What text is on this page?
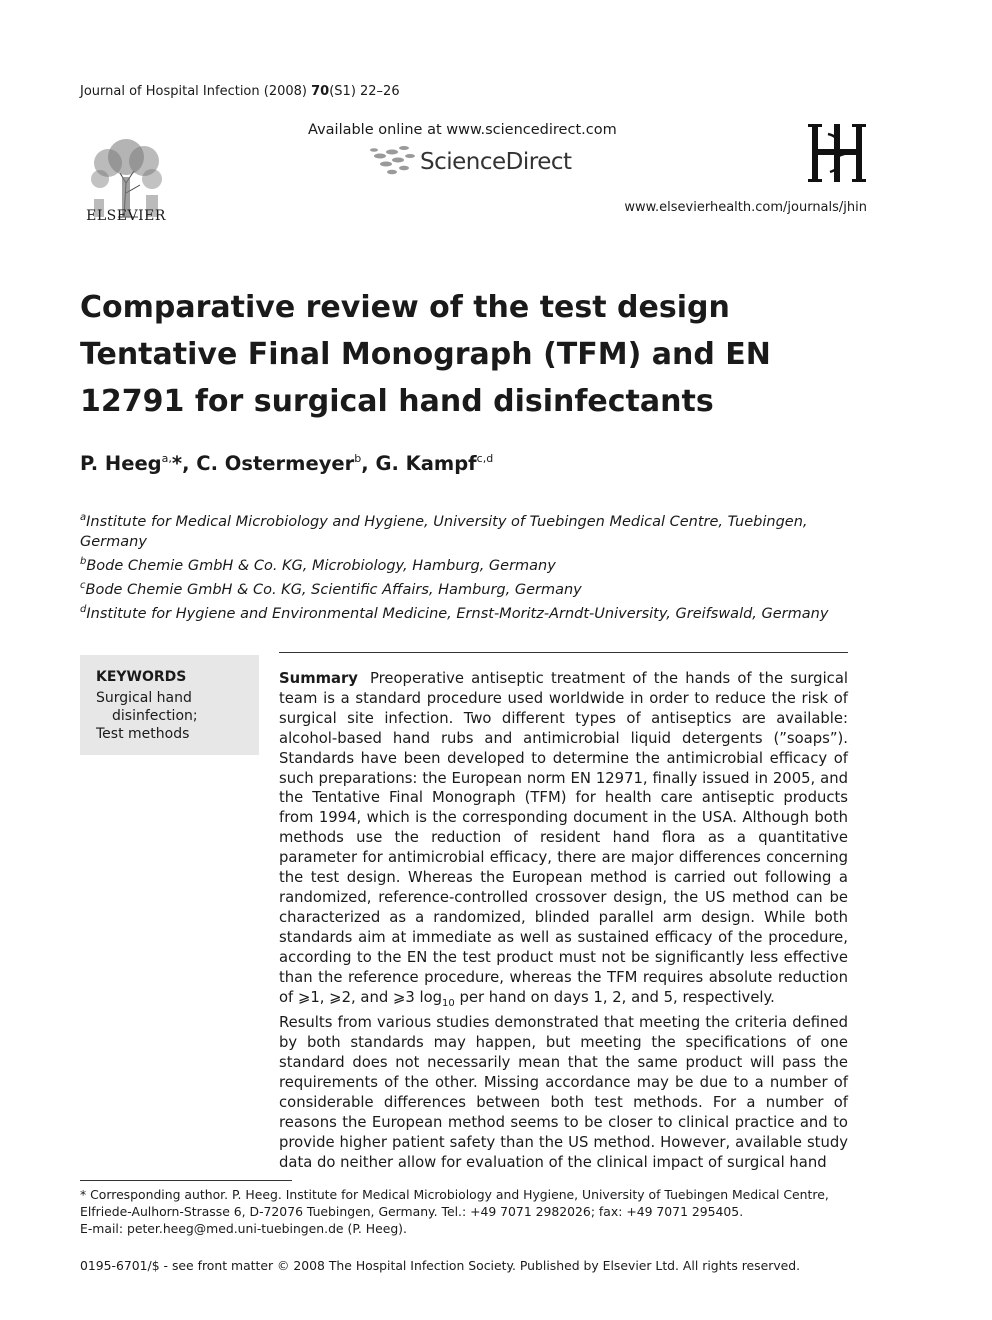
Journal of Hospital Infection (2008) 70(S1) 22–26
ELSEVIER
Available online at www.sciencedirect.com
ScienceDirect
www.elsevierhealth.com/journals/jhin
Comparative review of the test design Tentative Final Monograph (TFM) and EN 12791 for surgical hand disinfectants
P. Heeg$^{a,}$*, C. Ostermeyer$^b$, G. Kampf$^{c,d}$
$^a$Institute for Medical Microbiology and Hygiene, University of Tuebingen Medical Centre, Tuebingen, Germany
$^b$Bode Chemie GmbH & Co. KG, Microbiology, Hamburg, Germany
$^c$Bode Chemie GmbH & Co. KG, Scientific Affairs, Hamburg, Germany
$^d$Institute for Hygiene and Environmental Medicine, Ernst-Moritz-Arndt-University, Greifswald, Germany
KEYWORDS
Surgical hand
disinfection;
Test methods

Summary Preoperative antiseptic treatment of the hands of the surgical team is a standard procedure used worldwide in order to reduce the risk of surgical site infection. Two different types of antiseptics are available: alcohol-based hand rubs and antimicrobial liquid detergents (”soaps”). Standards have been developed to determine the antimicrobial efficacy of such preparations: the European norm EN 12971, finally issued in 2005, and the Tentative Final Monograph (TFM) for health care antiseptic products from 1994, which is the corresponding document in the USA. Although both methods use the reduction of resident hand flora as a quantitative parameter for antimicrobial efficacy, there are major differences concerning the test design. Whereas the European method is carried out following a randomized, reference-controlled crossover design, the US method can be characterized as a randomized, blinded parallel arm design. While both standards aim at immediate as well as sustained efficacy of the procedure, according to the EN the test product must not be significantly less effective than the reference procedure, whereas the TFM requires absolute reduction of ⩾1, ⩾2, and ⩾3 $\log_{10}$ per hand on days 1, 2, and 5, respectively.

Results from various studies demonstrated that meeting the criteria defined by both standards may happen, but meeting the specifications of one standard does not necessarily mean that the same product will pass the requirements of the other. Missing accordance may be due to a number of considerable differences between both test methods. For a number of reasons the European method seems to be closer to clinical practice and to provide higher patient safety than the US method. However, available study data do neither allow for evaluation of the clinical impact of surgical hand

* Corresponding author. P. Heeg. Institute for Medical Microbiology and Hygiene, University of Tuebingen Medical Centre, Elfriede-Aulhorn-Strasse 6, D-72076 Tuebingen, Germany. Tel.: +49 7071 2982026; fax: +49 7071 295405.

E-mail: peter.heeg@med.uni-tuebingen.de (P. Heeg).

0195-6701/$ - see front matter © 2008 The Hospital Infection Society. Published by Elsevier Ltd. All rights reserved.
